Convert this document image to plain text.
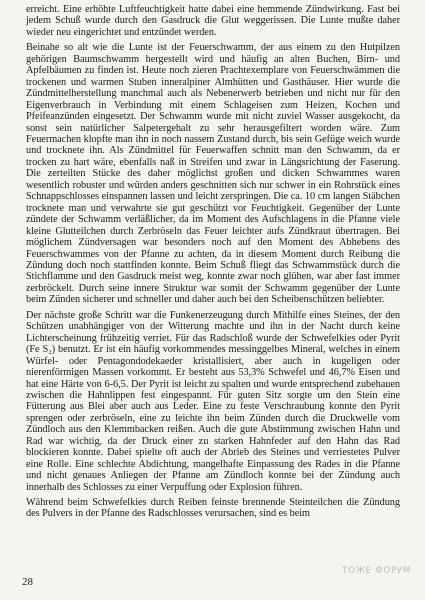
erreicht. Eine erhöhte Luftfeuchtigkeit hatte dabei eine hemmende Zündwirkung. Fast bei jedem Schuß wurde durch den Gasdruck die Glut weggerissen. Die Lunte mußte daher wieder neu eingerichtet und entzündet werden.

Beinahe so alt wie die Lunte ist der Feuerschwamm, der aus einem zu den Hutpilzen gehörigen Baumschwamm hergestellt wird und häufig an alten Buchen, Birn- und Apfelbäumen zu finden ist. Heute noch zieren Prachtexemplare von Feuerschwämmen die trockenen und warmen Stuben inneralpiner Almhütten und Gasthäuser. Hier wurde die Zündmittelherstellung manchmal auch als Nebenerwerb betrieben und nicht nur für den Eigenverbrauch in Verbindung mit einem Schlageisen zum Heizen, Kochen und Pfeifeanzünden eingesetzt. Der Schwamm wurde mit nicht zuviel Wasser ausgekocht, da sonst sein natürlicher Salpetergehalt zu sehr herausgefiltert worden wäre. Zum Feuermachen klopfte man ihn in noch nassem Zustand durch, bis sein Gefüge weich wurde und trocknete ihn. Als Zündmittel für Feuerwaffen schnitt man den Schwamm, da er trocken zu hart wäre, ebenfalls naß in Streifen und zwar in Längsrichtung der Faserung. Die zerteilten Stücke des daher möglichst großen und dicken Schwammes waren wesentlich robuster und würden anders geschnitten sich nur schwer in ein Rohrstück eines Schnappschlosses einspannen lassen und leicht zerspringen. Die ca. 10 cm langen Stäbchen trocknete man und verwahrte sie gut geschützt vor Feuchtigkeit. Gegenüber der Lunte zündete der Schwamm verläßlicher, da im Moment des Aufschlagens in die Pfanne viele kleine Glutteilchen durch Zerbröseln das Feuer leichter aufs Zündkraut übertragen. Bei möglichem Zündversagen war besonders noch auf den Moment des Abhebens des Feuerschwammes von der Pfanne zu achten, da in diesem Moment durch Reibung die Zündung doch noch stattfinden konnte. Beim Schuß fliegt das Schwammstück durch die Stichflamme und den Gasdruck meist weg, konnte zwar noch glühen, war aber fast immer zerbröckelt. Durch seine innere Struktur war somit der Schwamm gegenüber der Lunte beim Zünden sicherer und schneller und daher auch bei den Scheibenschützen beliebter.

Der nächste große Schritt war die Funkenerzeugung durch Mithilfe eines Steines, der den Schützen unabhängiger von der Witterung machte und ihn in der Nacht durch keine Lichterscheinung frühzeitig verriet. Für das Radschloß wurde der Schwefelkies oder Pyrit (Fe S₂) benutzt. Er ist ein häufig vorkommendes messinggelbes Mineral, welches in einem Würfel- oder Pentagondodekaeder kristallisiert, aber auch in kugeligen oder nierenförmigen Massen vorkommt. Er besteht aus 53,3% Schwefel und 46,7% Eisen und hat eine Härte von 6-6,5. Der Pyrit ist leicht zu spalten und wurde entsprechend zubehauen zwischen die Hahnlippen fest eingespannt. Für guten Sitz sorgte um den Stein eine Fütterung aus Blei aber auch aus Leder. Eine zu feste Verschraubung konnte den Pyrit sprengen oder zerbröseln, eine zu leichte ihn beim Zünden durch die Druckwelle vom Zündloch aus den Klemmbacken reißen. Auch die gute Abstimmung zwischen Hahn und Rad war wichtig, da der Druck einer zu starken Hahnfeder auf den Hahn das Rad blockieren konnte. Dabei spielte oft auch der Abrieb des Steines und verriestetes Pulver eine Rolle. Eine schlechte Abdichtung, mangelhafte Einpassung des Rades in die Pfanne und nicht genaues Anliegen der Pfanne am Zündloch konnte bei der Zündung auch innerhalb des Schlosses zu einer Verpuffung oder Explosion führen.

Während beim Schwefelkies durch Reiben feinste brennende Steinteilchen die Zündung des Pulvers in der Pfanne des Radschlosses verursachen, sind es beim

ТОЖЕ ФОРУМ
28
